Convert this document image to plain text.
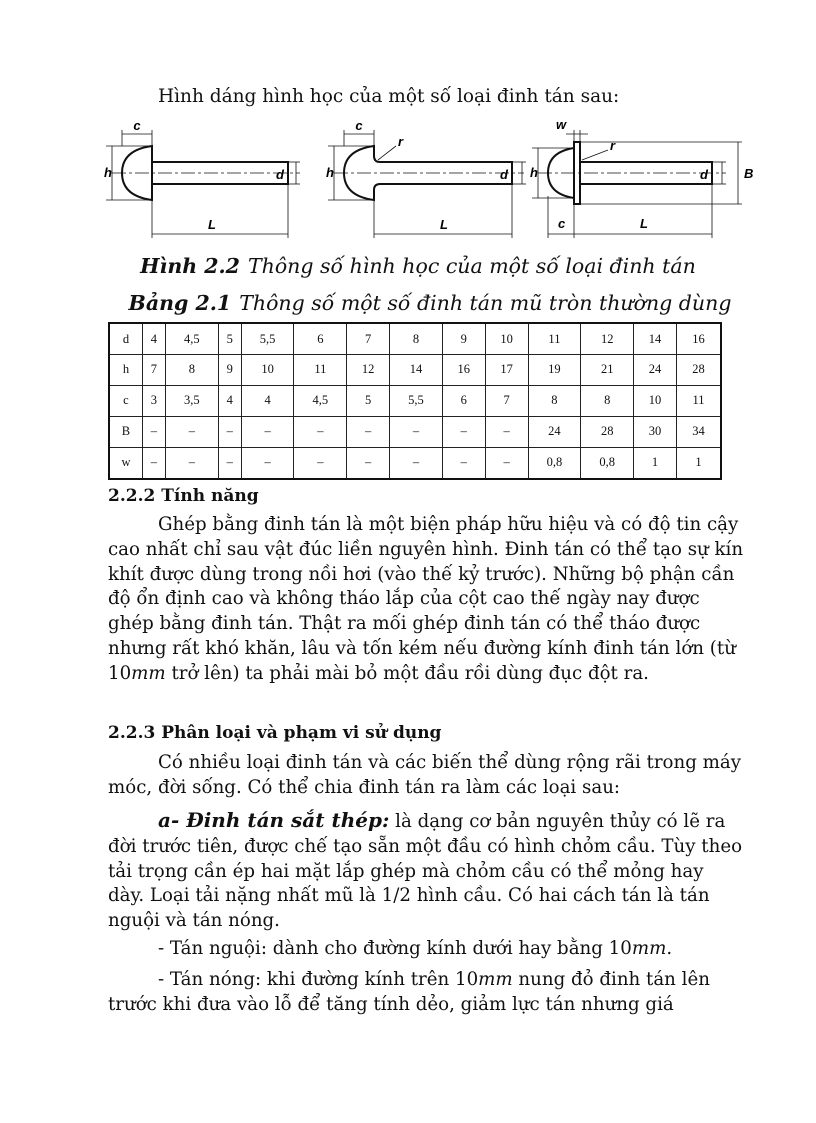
Hình dáng hình học của một số loại đinh tán sau:
c
h	d
L
c
r
h	d
L
w
r
h	d	B
c	L
Hình 2.2 Thông số hình học của một số loại đinh tán
Bảng 2.1 Thông số một số đinh tán mũ tròn thường dùng
d	4	4,5	5	5,5	6	7	8	9	10	11	12	14	16
h	7	8	9	10	11	12	14	16	17	19	21	24	28
c	3	3,5	4	4	4,5	5	5,5	6	7	8	8	10	11
B	–	–	–	–	–	–	–	–	–	24	28	30	34
w	–	–	–	–	–	–	–	–	–	0,8	0,8	1	1
2.2.2 Tính năng

Ghép bằng đinh tán là một biện pháp hữu hiệu và có độ tin cậy cao nhất chỉ sau vật đúc liền nguyên hình. Đinh tán có thể tạo sự kín khít được dùng trong nồi hơi (vào thế kỷ trước). Những bộ phận cần độ ổn định cao và không tháo lắp của cột cao thế ngày nay được ghép bằng đinh tán. Thật ra mối ghép đinh tán có thể tháo được nhưng rất khó khăn, lâu và tốn kém nếu đường kính đinh tán lớn (từ 10mm trở lên) ta phải mài bỏ một đầu rồi dùng đục đột ra.

2.2.3 Phân loại và phạm vi sử dụng

Có nhiều loại đinh tán và các biến thể dùng rộng rãi trong máy móc, đời sống. Có thể chia đinh tán ra làm các loại sau:

a- Đinh tán sắt thép: là dạng cơ bản nguyên thủy có lẽ ra đời trước tiên, được chế tạo sẵn một đầu có hình chỏm cầu. Tùy theo tải trọng cần ép hai mặt lắp ghép mà chỏm cầu có thể mỏng hay dày. Loại tải nặng nhất mũ là 1/2 hình cầu. Có hai cách tán là tán nguội và tán nóng.

- Tán nguội: dành cho đường kính dưới hay bằng 10mm.

- Tán nóng: khi đường kính trên 10mm nung đỏ đinh tán lên trước khi đưa vào lỗ để tăng tính dẻo, giảm lực tán nhưng giá
